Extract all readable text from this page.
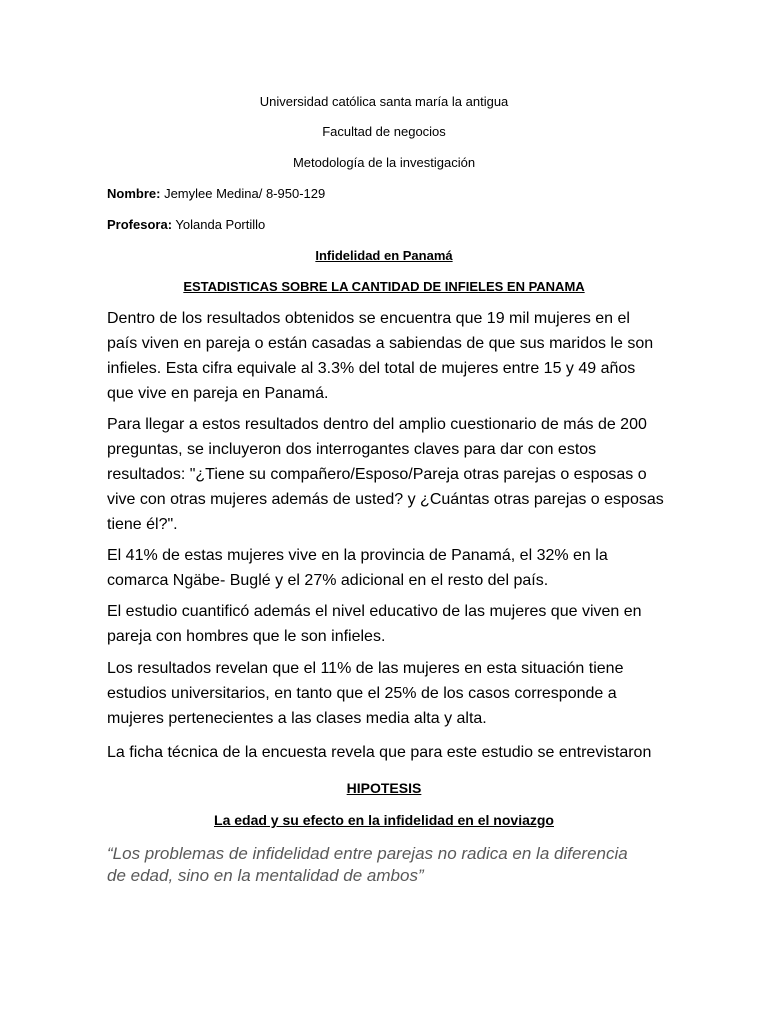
Universidad católica santa maría la antigua
Facultad de negocios
Metodología de la investigación
Nombre: Jemylee Medina/ 8-950-129
Profesora: Yolanda Portillo
Infidelidad en Panamá
ESTADISTICAS SOBRE LA CANTIDAD DE INFIELES EN PANAMA
Dentro de los resultados obtenidos se encuentra que 19 mil mujeres en el
país viven en pareja o están casadas a sabiendas de que sus maridos le son
infieles. Esta cifra equivale al 3.3% del total de mujeres entre 15 y 49 años
que vive en pareja en Panamá.
Para llegar a estos resultados dentro del amplio cuestionario de más de 200
preguntas, se incluyeron dos interrogantes claves para dar con estos
resultados: "¿Tiene su compañero/Esposo/Pareja otras parejas o esposas o
vive con otras mujeres además de usted? y ¿Cuántas otras parejas o esposas
tiene él?".
El 41% de estas mujeres vive en la provincia de Panamá, el 32% en la
comarca Ngäbe- Buglé y el 27% adicional en el resto del país.
El estudio cuantificó además el nivel educativo de las mujeres que viven en
pareja con hombres que le son infieles.
Los resultados revelan que el 11% de las mujeres en esta situación tiene
estudios universitarios, en tanto que el 25% de los casos corresponde a
mujeres pertenecientes a las clases media alta y alta.
La ficha técnica de la encuesta revela que para este estudio se entrevistaron
HIPOTESIS
La edad y su efecto en la infidelidad en el noviazgo
“Los problemas de infidelidad entre parejas no radica en la diferencia
de edad, sino en la mentalidad de ambos”
